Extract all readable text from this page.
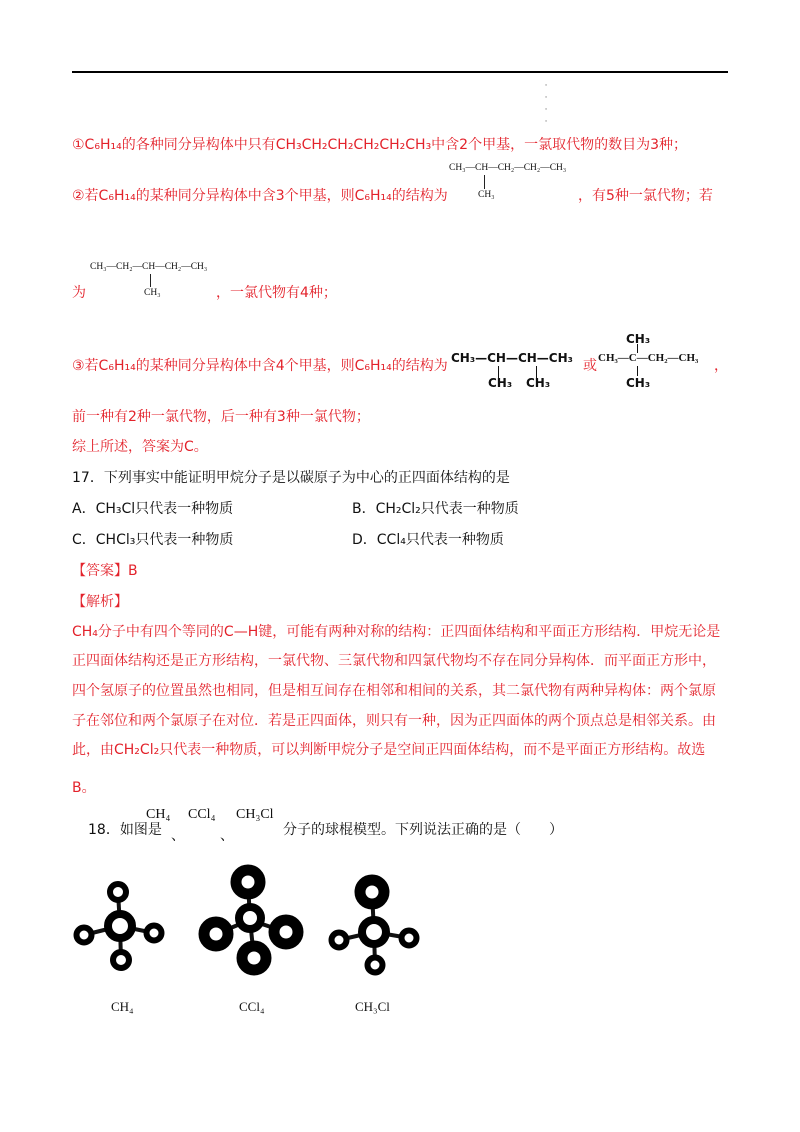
·
·
·
·
①C₆H₁₄的各种同分异构体中只有CH₃CH₂CH₂CH₂CH₂CH₃中含2个甲基，一氯取代物的数目为3种；
②若C₆H₁₄的某种同分异构体中含3个甲基，则C₆H₁₄的结构为
CH₃—CH—CH₂—CH₂—CH₃
CH₃	，有5种一氯代物；若
CH₃—CH₂—CH—CH₂—CH₃
CH₃
为	，一氯代物有4种；
③若C₆H₁₄的某种同分异构体中含4个甲基，则C₆H₁₄的结构为 CH₃—CH—CH—CH₃
CH₃ CH₃
或
CH₃
CH₃—C—CH₂—CH₃
CH₃
，
前一种有2种一氯代物，后一种有3种一氯代物；
综上所述，答案为C。
17．下列事实中能证明甲烷分子是以碳原子为中心的正四面体结构的是
A．CH₃Cl只代表一种物质	B．CH₂Cl₂只代表一种物质
C．CHCl₃只代表一种物质	D．CCl₄只代表一种物质
【答案】B
【解析】
CH₄分子中有四个等同的C—H键，可能有两种对称的结构：正四面体结构和平面正方形结构．甲烷无论是
正四面体结构还是正方形结构，一氯代物、三氯代物和四氯代物均不存在同分异构体．而平面正方形中，
四个氢原子的位置虽然也相同，但是相互间存在相邻和相间的关系，其二氯代物有两种异构体：两个氯原
子在邻位和两个氯原子在对位．若是正四面体，则只有一种，因为正四面体的两个顶点总是相邻关系。由
此，由CH₂Cl₂只代表一种物质，可以判断甲烷分子是空间正四面体结构，而不是平面正方形结构。故选
B。
18．如图是
CH₄
、
CCl₄
、
CH₃Cl
分子的球棍模型。下列说法正确的是（　　）
CH₄	CCl₄	CH₃Cl
